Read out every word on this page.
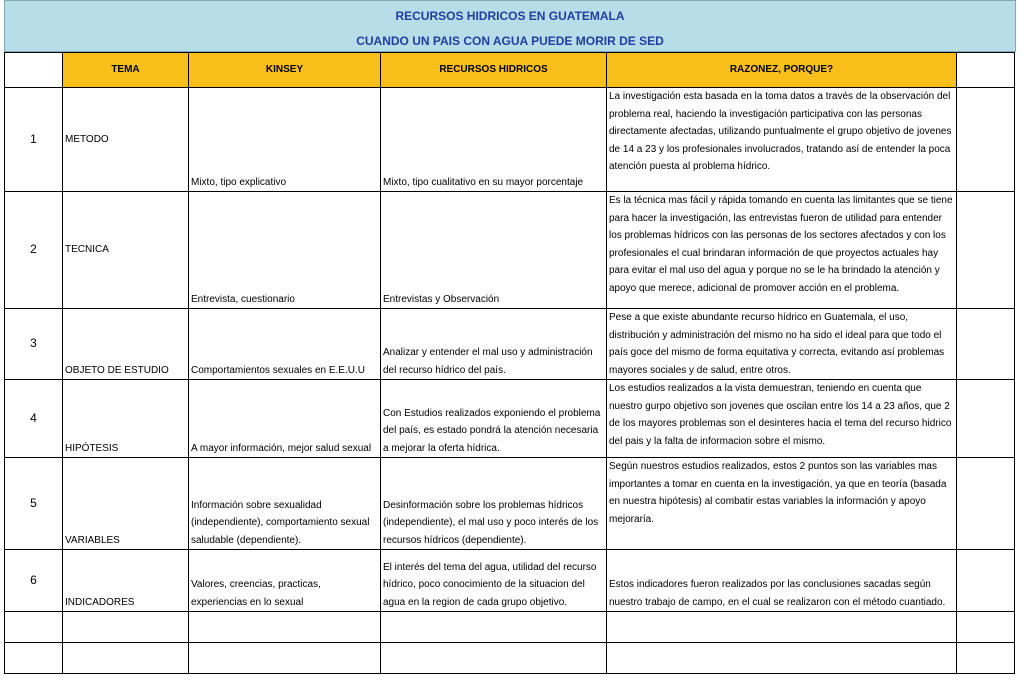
RECURSOS HIDRICOS EN GUATEMALA
CUANDO UN PAIS CON AGUA PUEDE MORIR DE SED
	TEMA	KINSEY	RECURSOS HIDRICOS	RAZONEZ, PORQUE?	
1	METODO	Mixto, tipo explicativo	Mixto, tipo cualitativo en su mayor porcentaje	La investigación esta basada en la toma datos a través de la observación del problema real, haciendo la investigación participativa con las personas directamente afectadas, utilizando puntualmente el grupo objetivo de jovenes de 14 a 23 y los profesionales involucrados, tratando así de entender la poca atención puesta al problema hídrico.	
2	TECNICA	Entrevista, cuestionario	Entrevistas y Observación	Es la técnica mas fácil y rápida tomando en cuenta las limitantes que se tiene para hacer la investigación, las entrevistas fueron de utilidad para entender los problemas hídricos con las personas de los sectores afectados y con los profesionales el cual brindaran información de que proyectos actuales hay para evitar el mal uso del agua y porque no se le ha brindado la atención y apoyo que merece, adicional de promover acción en el problema.	
3	OBJETO DE ESTUDIO	Comportamientos sexuales en E.E.U.U	Analizar y entender el mal uso y administración del recurso hídrico del país.	Pese a que existe abundante recurso hídrico en Guatemala, el uso, distribución y administración del mismo no ha sido el ideal para que todo el país goce del mismo de forma equitativa y correcta, evitando así problemas mayores sociales y de salud, entre otros.	
4	HIPÓTESIS	A mayor información, mejor salud sexual	Con Estudios realizados exponiendo el problema del país, es estado pondrá la atención necesaria a mejorar la oferta hídrica.	Los estudios realizados a la vista demuestran, teniendo en cuenta que nuestro gurpo objetivo son jovenes que oscilan entre los 14 a 23 años, que 2 de los mayores problemas son el desinteres hacia el tema del recurso hidrico del pais y la falta de informacion sobre el mismo.	
5	VARIABLES	Información sobre sexualidad (independiente), comportamiento sexual saludable (dependiente).	Desinformación sobre los problemas hídricos (independiente), el mal uso y poco interés de los recursos hídricos (dependiente).	Según nuestros estudios realizados, estos 2 puntos son las variables mas importantes a tomar en cuenta en la investigación, ya que en teoría (basada en nuestra hipótesis) al combatir estas variables la información y apoyo mejoraría.	
6	INDICADORES	Valores, creencias, practicas, experiencias en lo sexual	El interés del tema del agua, utilidad del recurso hídrico, poco conocimiento de la situacion del agua en la region de cada grupo objetivo.	Estos indicadores fueron realizados por las conclusiones sacadas según nuestro trabajo de campo, en el cual se realizaron con el método cuantiado.	
